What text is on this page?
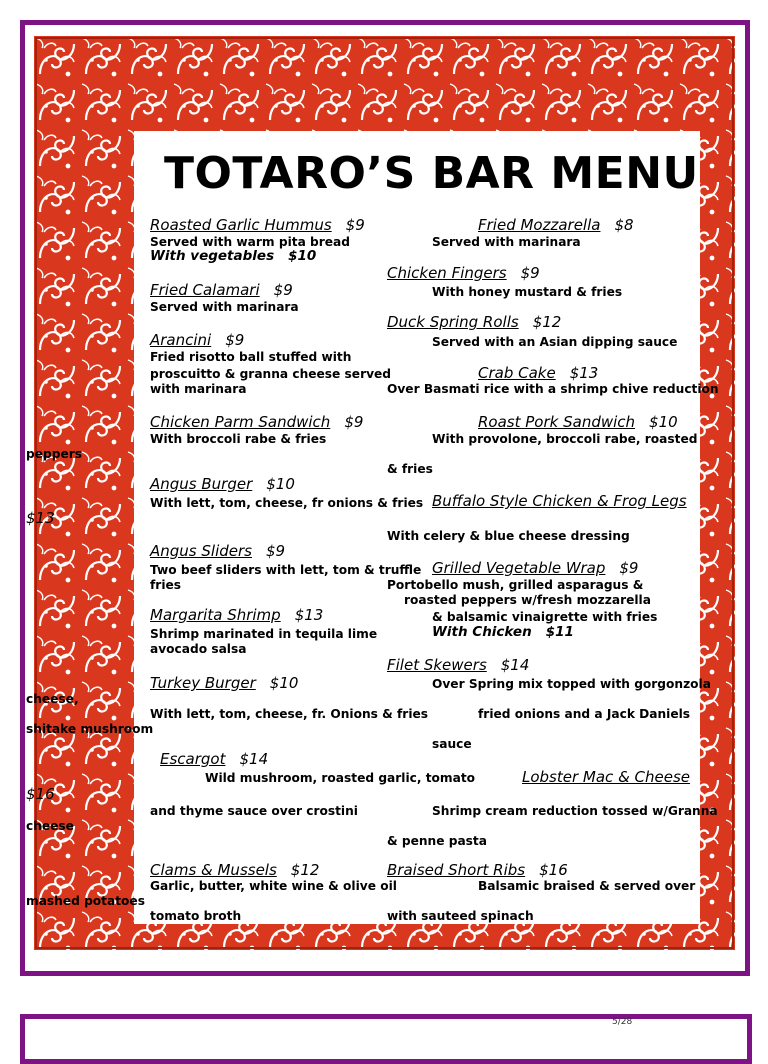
TOTARO’S BAR MENU
Roasted Garlic Hummus $9	Fried Mozzarella $8
Served with warm pita bread	Served with marinara
With vegetables $10
Chicken Fingers $9
Fried Calamari $9	With honey mustard & fries
Served with marinara
Duck Spring Rolls $12
Arancini $9	Served with an Asian dipping sauce
Fried risotto ball stuffed with
Crab Cake $13
proscuitto & granna cheese served
with marinara	Over Basmati rice with a shrimp chive reduction
Chicken Parm Sandwich $9	Roast Pork Sandwich $10
With broccoli rabe & fries	With provolone, broccoli rabe, roasted
peppers
& fries
Angus Burger $10
With lett, tom, cheese, fr onions & fries Buffalo Style Chicken & Frog Legs
$13
With celery & blue cheese dressing
Angus Sliders $9
Two beef sliders with lett, tom & truffle Grilled Vegetable Wrap $9
fries	Portobello mush, grilled asparagus &
roasted peppers w/fresh mozzarella
Margarita Shrimp $13	& balsamic vinaigrette with fries
Shrimp marinated in tequila lime	With Chicken $11
avocado salsa
Filet Skewers $14
Turkey Burger $10	Over Spring mix topped with gorgonzola
cheese,
With lett, tom, cheese, fr. Onions & fries	fried onions and a Jack Daniels
shitake mushroom
sauce
Escargot $14
Wild mushroom, roasted garlic, tomato	Lobster Mac & Cheese
$16
and thyme sauce over crostini	Shrimp cream reduction tossed w/Granna
cheese
& penne pasta
Clams & Mussels $12	Braised Short Ribs $16
Garlic, butter, white wine & olive oil	Balsamic braised & served over
mashed potatoes
tomato broth	with sauteed spinach
5/28
